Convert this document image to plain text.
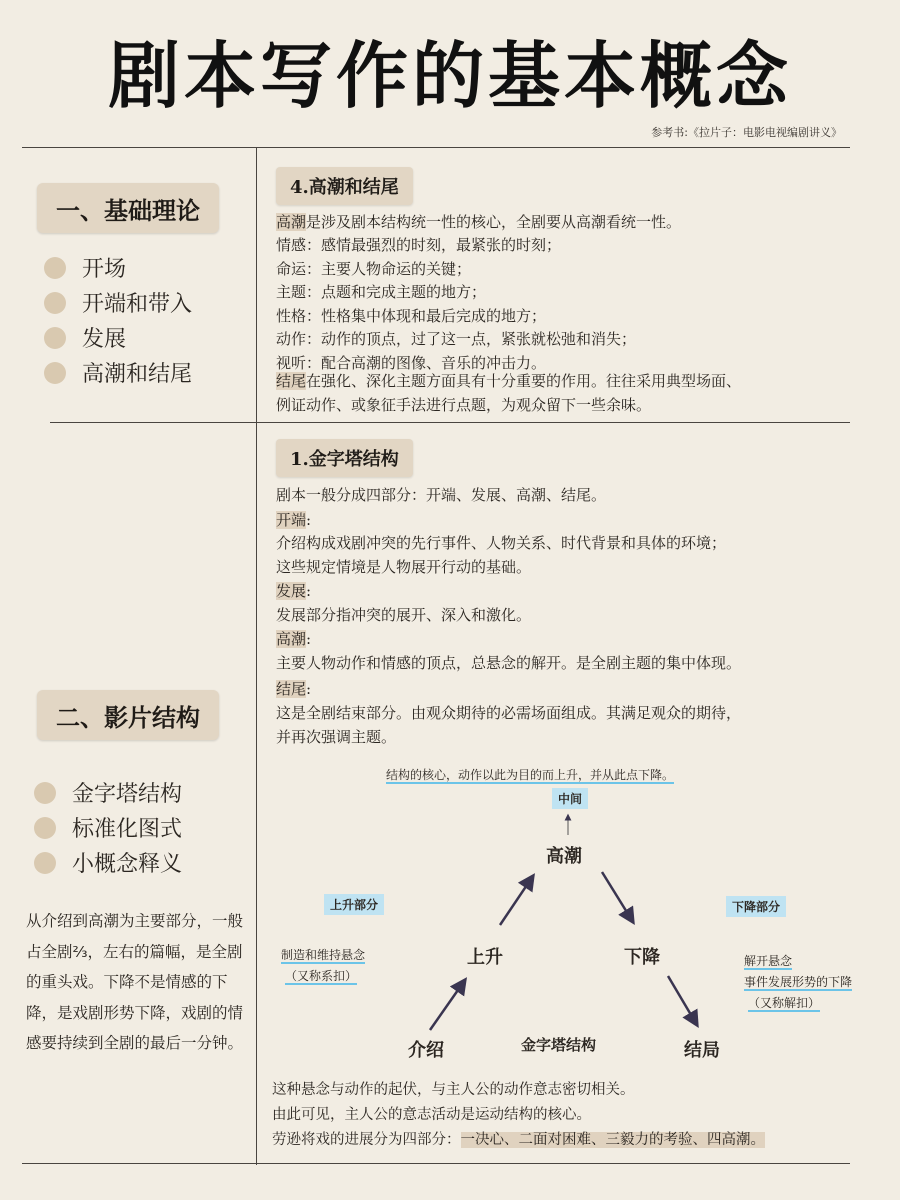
剧本写作的基本概念
参考书:《拉片子：电影电视编剧讲义》
一、基础理论
开场
开端和带入
发展
高潮和结尾
二、影片结构
金字塔结构
标准化图式
小概念释义
从介绍到高潮为主要部分，一般占全剧⅔，左右的篇幅，是全剧的重头戏。下降不是情感的下降，是戏剧形势下降，戏剧的情感要持续到全剧的最后一分钟。
4.高潮和结尾
高潮是涉及剧本结构统一性的核心，全剧要从高潮看统一性。
情感：感情最强烈的时刻，最紧张的时刻；
命运：主要人物命运的关键；
主题：点题和完成主题的地方；
性格：性格集中体现和最后完成的地方；
动作：动作的顶点，过了这一点，紧张就松弛和消失；
视听：配合高潮的图像、音乐的冲击力。
结尾在强化、深化主题方面具有十分重要的作用。往往采用典型场面、
例证动作、或象征手法进行点题，为观众留下一些余味。
1.金字塔结构
剧本一般分成四部分：开端、发展、高潮、结尾。
开端:
介绍构成戏剧冲突的先行事件、人物关系、时代背景和具体的环境；
这些规定情境是人物展开行动的基础。
发展:
发展部分指冲突的展开、深入和激化。
高潮:
主要人物动作和情感的顶点，总悬念的解开。是全剧主题的集中体现。
结尾:
这是全剧结束部分。由观众期待的必需场面组成。其满足观众的期待，
并再次强调主题。
结构的核心，动作以此为目的而上升，并从此点下降。
中间
高潮
上升	下降
介绍	结局
金字塔结构
上升部分
制造和维持悬念
（又称系扣）
下降部分
解开悬念
事件发展形势的下降
（又称解扣）
这种悬念与动作的起伏，与主人公的动作意志密切相关。
由此可见，主人公的意志活动是运动结构的核心。
劳逊将戏的进展分为四部分：一决心、二面对困难、三毅力的考验、四高潮。
